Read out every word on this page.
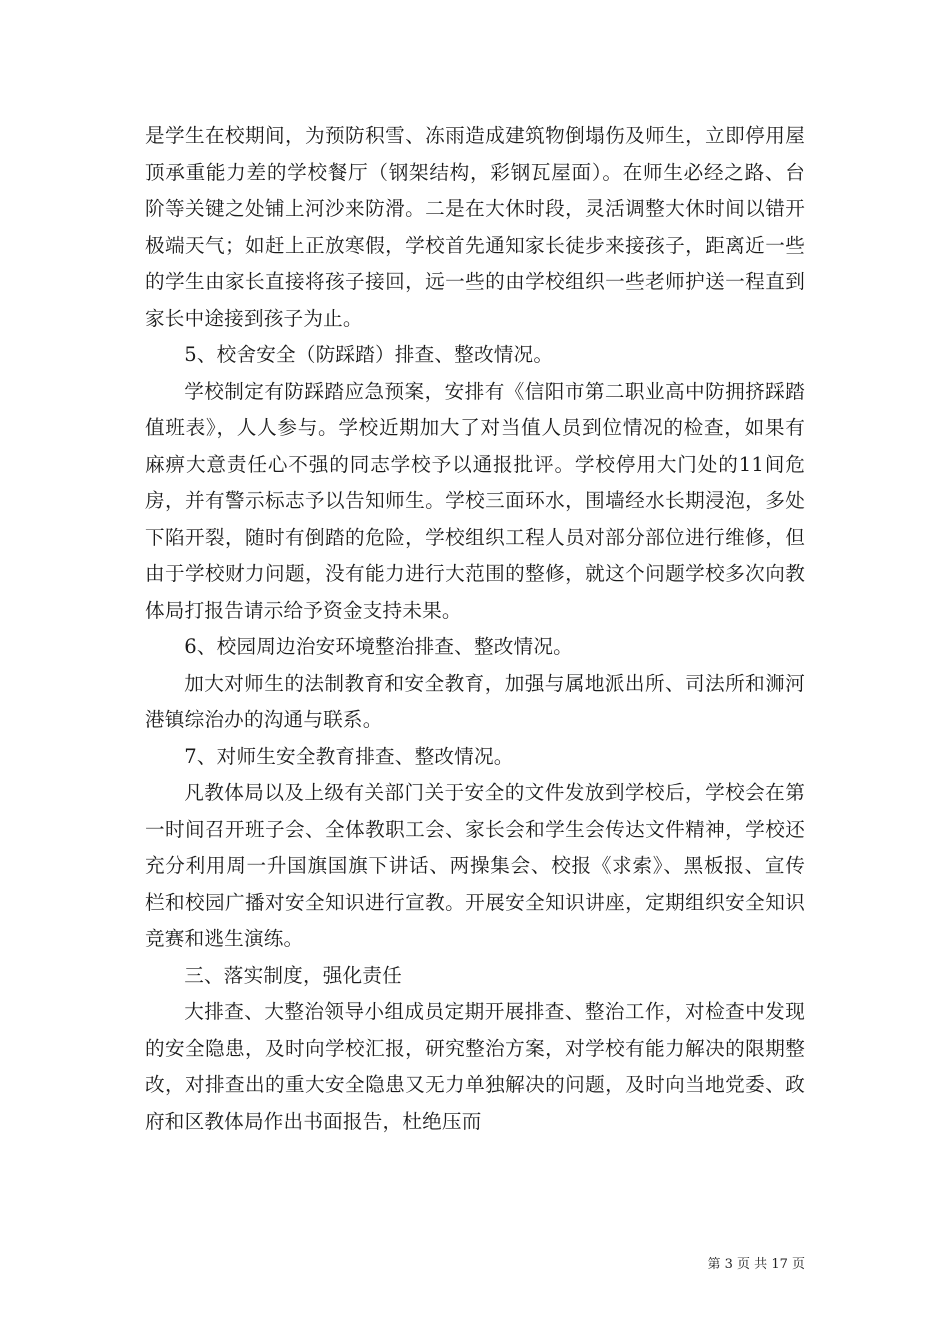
是学生在校期间，为预防积雪、冻雨造成建筑物倒塌伤及师生，立即停用屋顶承重能力差的学校餐厅（钢架结构，彩钢瓦屋面）。在师生必经之路、台阶等关键之处铺上河沙来防滑。二是在大休时段，灵活调整大休时间以错开极端天气；如赶上正放寒假，学校首先通知家长徒步来接孩子，距离近一些的学生由家长直接将孩子接回，远一些的由学校组织一些老师护送一程直到家长中途接到孩子为止。

5、校舍安全（防踩踏）排查、整改情况。

学校制定有防踩踏应急预案，安排有《信阳市第二职业高中防拥挤踩踏值班表》，人人参与。学校近期加大了对当值人员到位情况的检查，如果有麻痹大意责任心不强的同志学校予以通报批评。学校停用大门处的11间危房，并有警示标志予以告知师生。学校三面环水，围墙经水长期浸泡，多处下陷开裂，随时有倒踏的危险，学校组织工程人员对部分部位进行维修，但由于学校财力问题，没有能力进行大范围的整修，就这个问题学校多次向教体局打报告请示给予资金支持未果。

6、校园周边治安环境整治排查、整改情况。

加大对师生的法制教育和安全教育，加强与属地派出所、司法所和浉河港镇综治办的沟通与联系。

7、对师生安全教育排查、整改情况。

凡教体局以及上级有关部门关于安全的文件发放到学校后，学校会在第一时间召开班子会、全体教职工会、家长会和学生会传达文件精神，学校还充分利用周一升国旗国旗下讲话、两操集会、校报《求索》、黑板报、宣传栏和校园广播对安全知识进行宣教。开展安全知识讲座，定期组织安全知识竞赛和逃生演练。

三、落实制度，强化责任

大排查、大整治领导小组成员定期开展排查、整治工作，对检查中发现的安全隐患，及时向学校汇报，研究整治方案，对学校有能力解决的限期整改，对排查出的重大安全隐患又无力单独解决的问题，及时向当地党委、政府和区教体局作出书面报告，杜绝压而

第 3 页 共 17 页
